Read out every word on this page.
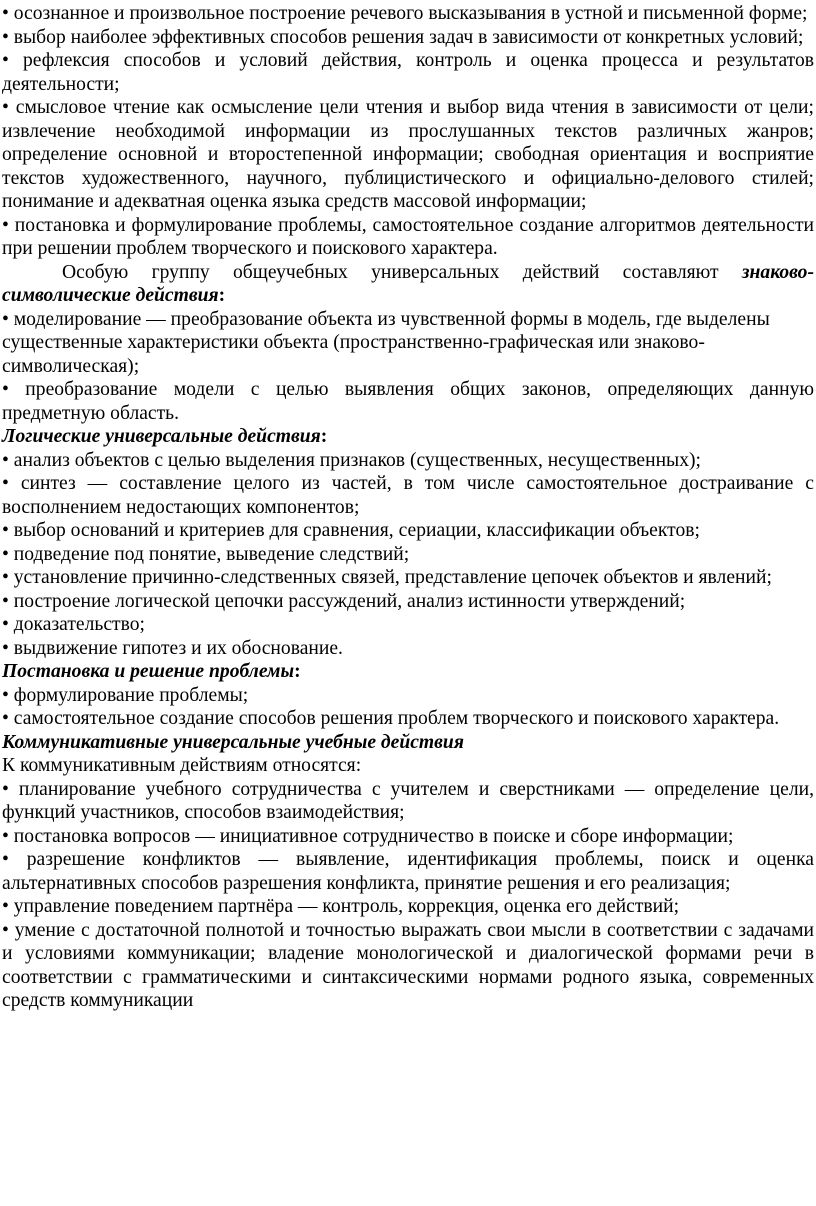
• осознанное и произвольное построение речевого высказывания в устной и письменной форме;

• выбор наиболее эффективных способов решения задач в зависимости от конкретных условий;

• рефлексия способов и условий действия, контроль и оценка процесса и результатов деятельности;

• смысловое чтение как осмысление цели чтения и выбор вида чтения в зависимости от цели; извлечение необходимой информации из прослушанных текстов различных жанров; определение основной и второстепенной информации; свободная ориентация и восприятие текстов художественного, научного, публицистического и официально-делового стилей; понимание и адекватная оценка языка средств массовой информации;

• постановка и формулирование проблемы, самостоятельное создание алгоритмов деятельности при решении проблем творческого и поискового характера.

Особую группу общеучебных универсальных действий составляют знаково-символические действия:

• моделирование — преобразование объекта из чувственной формы в модель, где выделены существенные характеристики объекта (пространственно-графическая или знаково-символическая);

• преобразование модели с целью выявления общих законов, определяющих данную предметную область.

Логические универсальные действия:

• анализ объектов с целью выделения признаков (существенных, несущественных);

• синтез — составление целого из частей, в том числе самостоятельное достраивание с восполнением недостающих компонентов;

• выбор оснований и критериев для сравнения, сериации, классификации объектов;

• подведение под понятие, выведение следствий;

• установление причинно-следственных связей, представление цепочек объектов и явлений;

• построение логической цепочки рассуждений, анализ истинности утверждений;

• доказательство;

• выдвижение гипотез и их обоснование.

Постановка и решение проблемы:

• формулирование проблемы;

• самостоятельное создание способов решения проблем творческого и поискового характера.

Коммуникативные универсальные учебные действия

К коммуникативным действиям относятся:

• планирование учебного сотрудничества с учителем и сверстниками — определение цели, функций участников, способов взаимодействия;

• постановка вопросов — инициативное сотрудничество в поиске и сборе информации;

• разрешение конфликтов — выявление, идентификация проблемы, поиск и оценка альтернативных способов разрешения конфликта, принятие решения и его реализация;

• управление поведением партнёра — контроль, коррекция, оценка его действий;

• умение с достаточной полнотой и точностью выражать свои мысли в соответствии с задачами и условиями коммуникации; владение монологической и диалогической формами речи в соответствии с грамматическими и синтаксическими нормами родного языка, современных средств коммуникации
